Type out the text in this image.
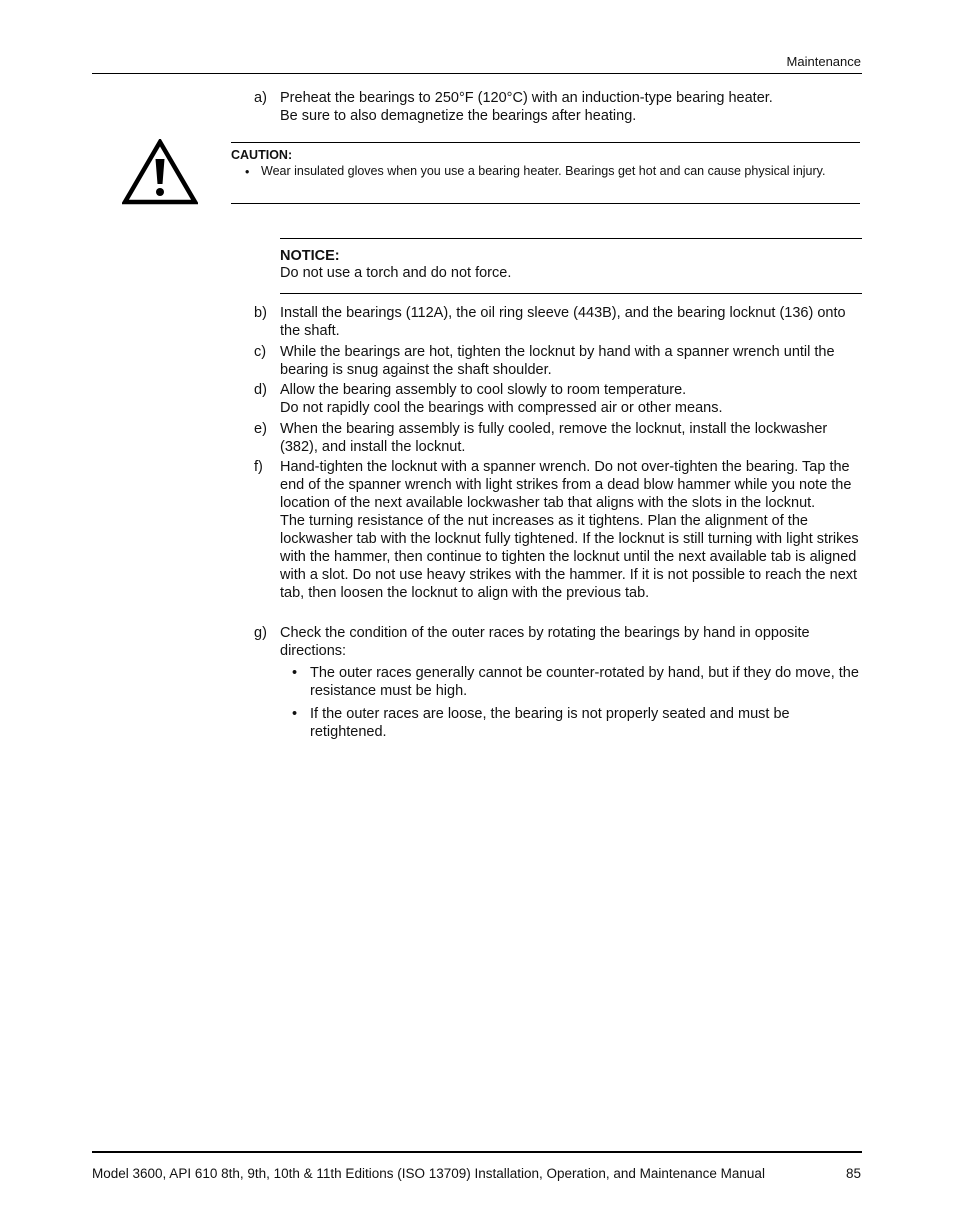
Maintenance
a) Preheat the bearings to 250°F (120°C) with an induction-type bearing heater.

Be sure to also demagnetize the bearings after heating.

CAUTION:
• Wear insulated gloves when you use a bearing heater. Bearings get hot and can cause physical injury.
NOTICE:
Do not use a torch and do not force.
b) Install the bearings (112A), the oil ring sleeve (443B), and the bearing locknut (136) onto the shaft.

c) While the bearings are hot, tighten the locknut by hand with a spanner wrench until the bearing is snug against the shaft shoulder.

d) Allow the bearing assembly to cool slowly to room temperature.

Do not rapidly cool the bearings with compressed air or other means.

e) When the bearing assembly is fully cooled, remove the locknut, install the lockwasher (382), and install the locknut.

f) Hand-tighten the locknut with a spanner wrench. Do not over-tighten the bearing. Tap the end of the spanner wrench with light strikes from a dead blow hammer while you note the location of the next available lockwasher tab that aligns with the slots in the locknut.

The turning resistance of the nut increases as it tightens. Plan the alignment of the lockwasher tab with the locknut fully tightened. If the locknut is still turning with light strikes with the hammer, then continue to tighten the locknut until the next available tab is aligned with a slot. Do not use heavy strikes with the hammer. If it is not possible to reach the next tab, then loosen the locknut to align with the previous tab.

g) Check the condition of the outer races by rotating the bearings by hand in opposite directions:

• The outer races generally cannot be counter-rotated by hand, but if they do move, the resistance must be high.
• If the outer races are loose, the bearing is not properly seated and must be retightened.
Model 3600, API 610 8th, 9th, 10th & 11th Editions (ISO 13709) Installation, Operation, and Maintenance Manual	85
